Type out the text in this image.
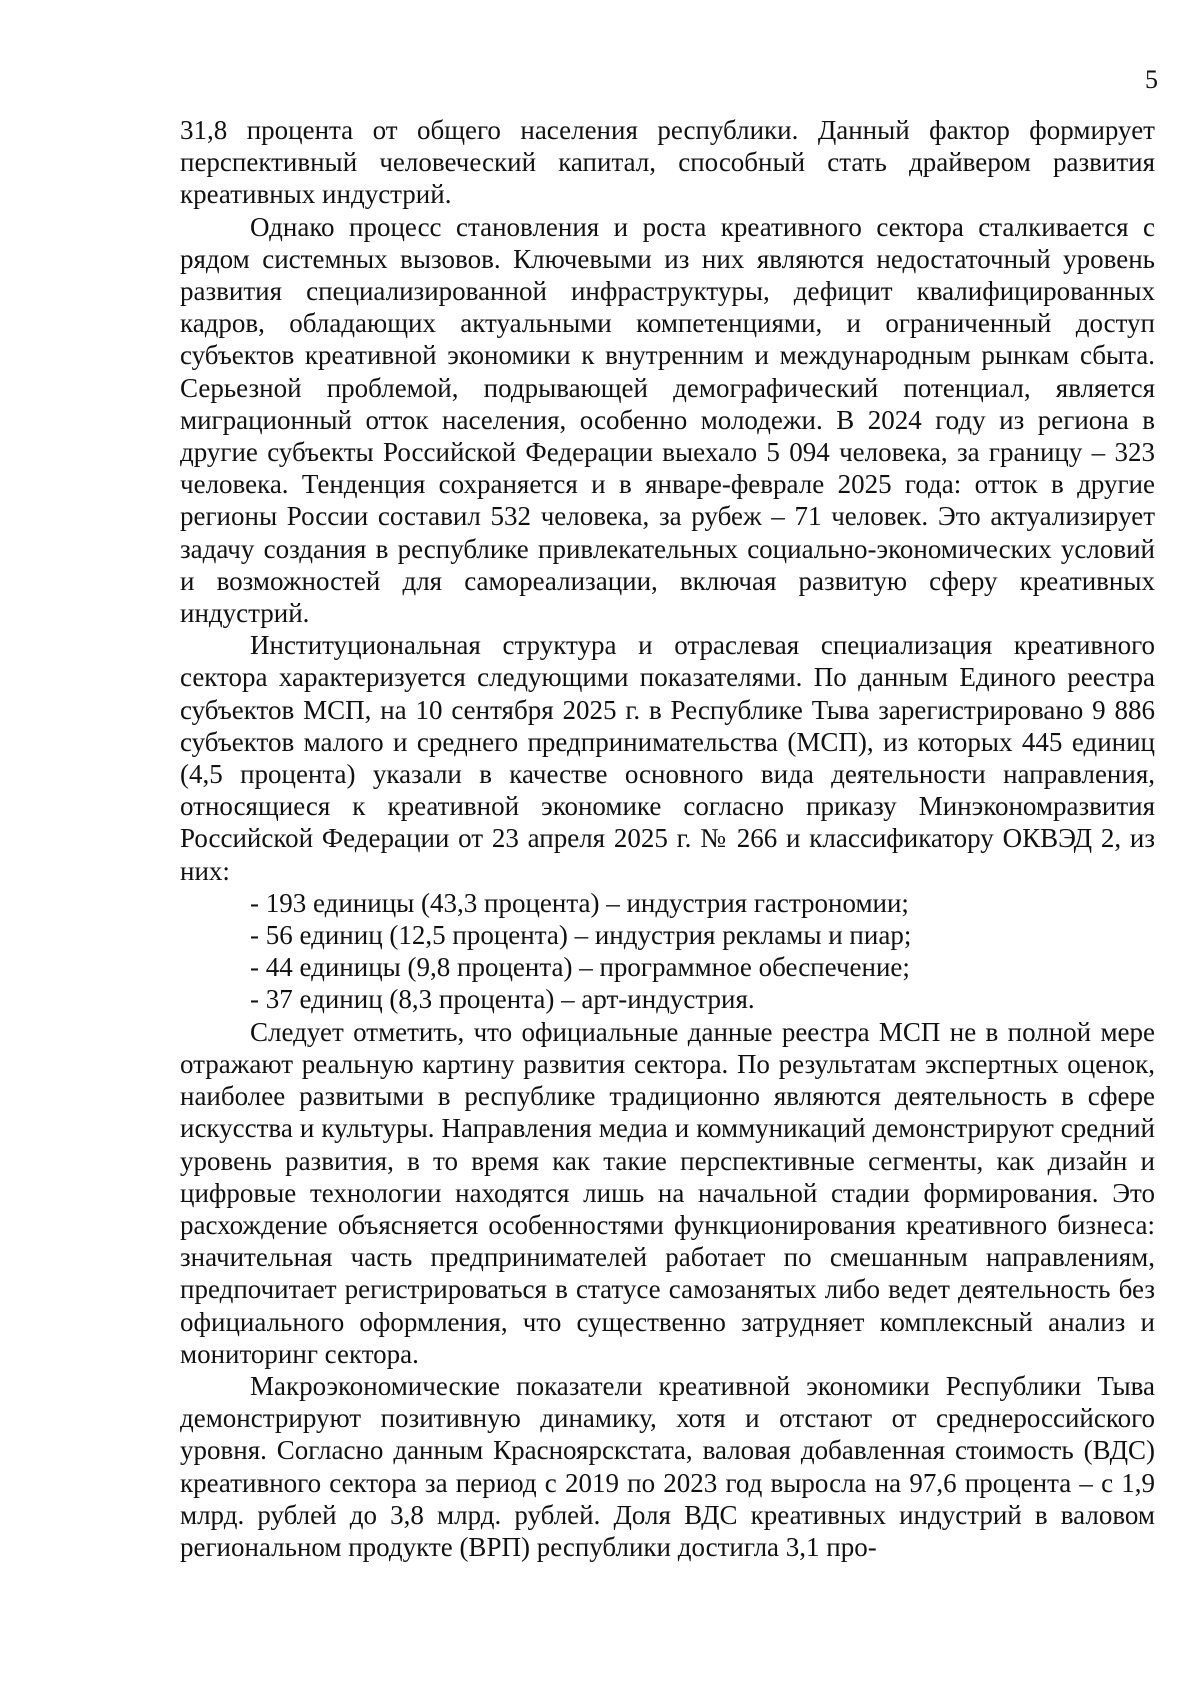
5

31,8 процента от общего населения республики. Данный фактор формирует перспективный человеческий капитал, способный стать драйвером развития креативных индустрий.

Однако процесс становления и роста креативного сектора сталкивается с рядом системных вызовов. Ключевыми из них являются недостаточный уровень развития специализированной инфраструктуры, дефицит квалифицированных кадров, обладающих актуальными компетенциями, и ограниченный доступ субъектов креативной экономики к внутренним и международным рынкам сбыта. Серьезной проблемой, подрывающей демографический потенциал, является миграционный отток населения, особенно молодежи. В 2024 году из региона в другие субъекты Российской Федерации выехало 5 094 человека, за границу – 323 человека. Тенденция сохраняется и в январе-феврале 2025 года: отток в другие регионы России составил 532 человека, за рубеж – 71 человек. Это актуализирует задачу создания в республике привлекательных социально-экономических условий и возможностей для самореализации, включая развитую сферу креативных индустрий.

Институциональная структура и отраслевая специализация креативного сектора характеризуется следующими показателями. По данным Единого реестра субъектов МСП, на 10 сентября 2025 г. в Республике Тыва зарегистрировано 9 886 субъектов малого и среднего предпринимательства (МСП), из которых 445 единиц (4,5 процента) указали в качестве основного вида деятельности направления, относящиеся к креативной экономике согласно приказу Минэкономразвития Российской Федерации от 23 апреля 2025 г. № 266 и классификатору ОКВЭД 2, из них:

- 193 единицы (43,3 процента) – индустрия гастрономии;
- 56 единиц (12,5 процента) – индустрия рекламы и пиар;
- 44 единицы (9,8 процента) – программное обеспечение;
- 37 единиц (8,3 процента) – арт-индустрия.

Следует отметить, что официальные данные реестра МСП не в полной мере отражают реальную картину развития сектора. По результатам экспертных оценок, наиболее развитыми в республике традиционно являются деятельность в сфере искусства и культуры. Направления медиа и коммуникаций демонстрируют средний уровень развития, в то время как такие перспективные сегменты, как дизайн и цифровые технологии находятся лишь на начальной стадии формирования. Это расхождение объясняется особенностями функционирования креативного бизнеса: значительная часть предпринимателей работает по смешанным направлениям, предпочитает регистрироваться в статусе самозанятых либо ведет деятельность без официального оформления, что существенно затрудняет комплексный анализ и мониторинг сектора.

Макроэкономические показатели креативной экономики Республики Тыва демонстрируют позитивную динамику, хотя и отстают от среднероссийского уровня. Согласно данным Красноярскстата, валовая добавленная стоимость (ВДС) креативного сектора за период с 2019 по 2023 год выросла на 97,6 процента – с 1,9 млрд. рублей до 3,8 млрд. рублей. Доля ВДС креативных индустрий в валовом региональном продукте (ВРП) республики достигла 3,1 про-
